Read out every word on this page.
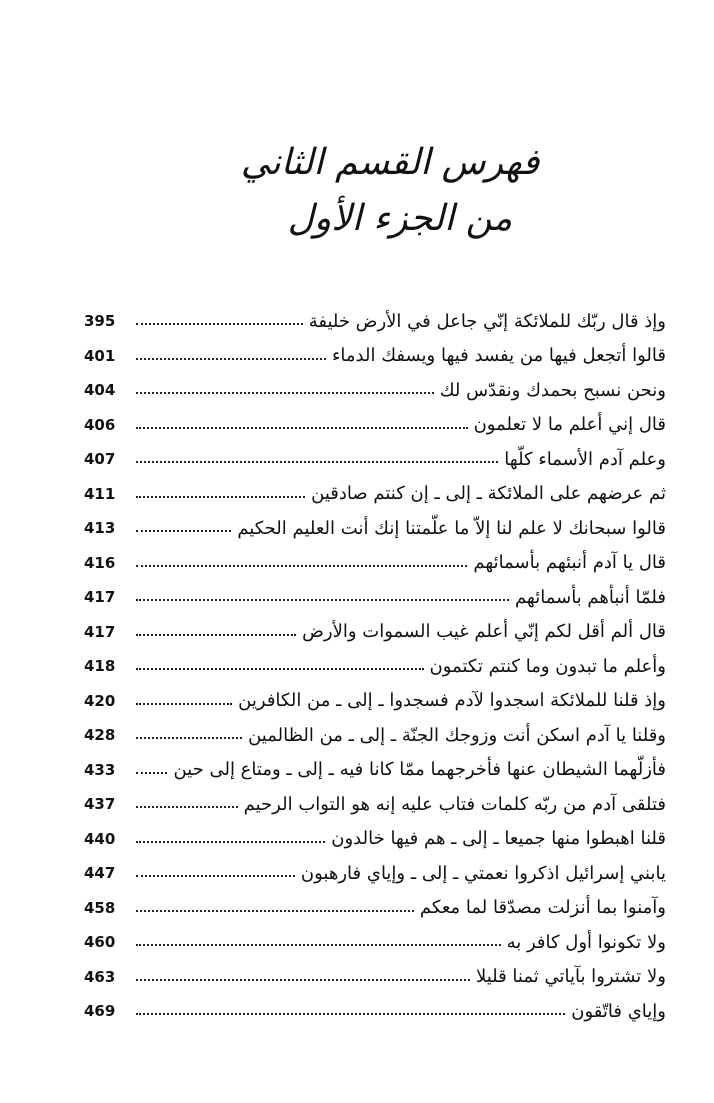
فهرس القسم الثاني
من الجزء الأول
395	وإذ قال ربّك للملائكة إنّي جاعل في الأرض خليفة
401	قالوا أتجعل فيها من يفسد فيها ويسفك الدماء
404	ونحن نسبح بحمدك ونقدّس لك
406	قال إني أعلم ما لا تعلمون
407	وعلم آدم الأسماء كلّها
411	ثم عرضهم على الملائكة ـ إلى ـ إن كنتم صادقين
413	قالوا سبحانك لا علم لنا إلاّ ما علّمتنا إنك أنت العليم الحكيم
416	قال يا آدم أنبئهم بأسمائهم
417	فلمّا أنبأهم بأسمائهم
417	قال ألم أقل لكم إنّي أعلم غيب السموات والأرض
418	وأعلم ما تبدون وما كنتم تكتمون
420	وإذ قلنا للملائكة اسجدوا لآدم فسجدوا ـ إلى ـ من الكافرين
428	وقلنا يا آدم اسكن أنت وزوجك الجنّة ـ إلى ـ من الظالمين
433	فأزلّهما الشيطان عنها فأخرجهما ممّا كانا فيه ـ إلى ـ ومتاع إلى حين
437	فتلقى آدم من ربّه كلمات فتاب عليه إنه هو التواب الرحيم
440	قلنا اهبطوا منها جميعا ـ إلى ـ هم فيها خالدون
447	يابني إسرائيل اذكروا نعمتي ـ إلى ـ وإياي فارهبون
458	وآمنوا بما أنزلت مصدّقا لما معكم
460	ولا تكونوا أول كافر به
463	ولا تشتروا بآياتي ثمنا قليلا
469	وإياي فاتّقون
